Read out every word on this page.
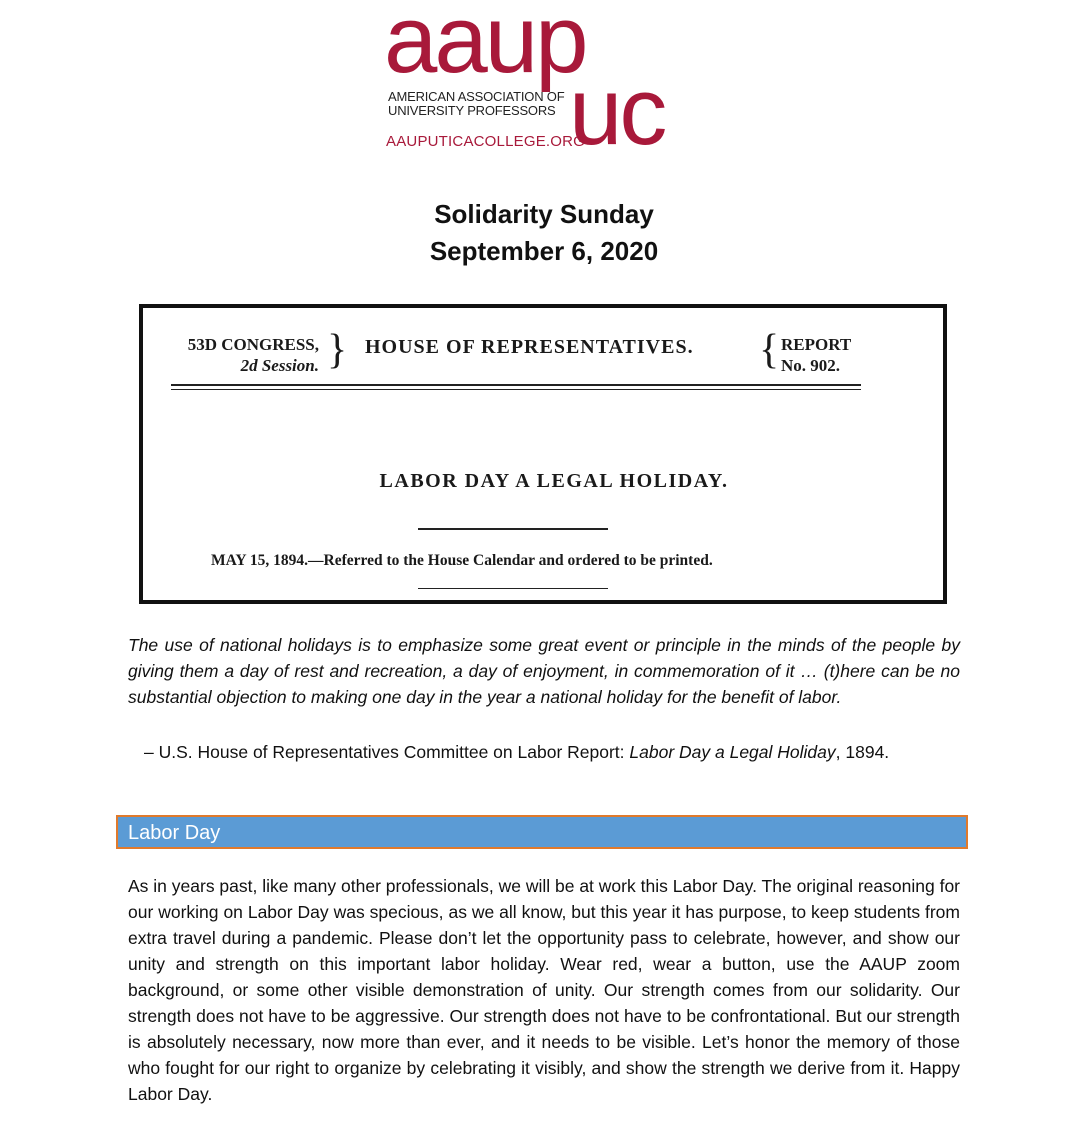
aaup
AMERICAN ASSOCIATION OF
UNIVERSITY PROFESSORS uc
AAUPUTICACOLLEGE.ORG
Solidarity Sunday
September 6, 2020
53D CONGRESS,
2d Session. } HOUSE OF REPRESENTATIVES. { REPORT
No. 902.
LABOR DAY A LEGAL HOLIDAY.
MAY 15, 1894.—Referred to the House Calendar and ordered to be printed.
The use of national holidays is to emphasize some great event or principle in the minds of the people by giving them a day of rest and recreation, a day of enjoyment, in commemoration of it … (t)here can be no substantial objection to making one day in the year a national holiday for the benefit of labor.
– U.S. House of Representatives Committee on Labor Report: Labor Day a Legal Holiday, 1894.
Labor Day
As in years past, like many other professionals, we will be at work this Labor Day. The original reasoning for our working on Labor Day was specious, as we all know, but this year it has purpose, to keep students from extra travel during a pandemic. Please don’t let the opportunity pass to celebrate, however, and show our unity and strength on this important labor holiday. Wear red, wear a button, use the AAUP zoom background, or some other visible demonstration of unity. Our strength comes from our solidarity. Our strength does not have to be aggressive. Our strength does not have to be confrontational. But our strength is absolutely necessary, now more than ever, and it needs to be visible. Let’s honor the memory of those who fought for our right to organize by celebrating it visibly, and show the strength we derive from it. Happy Labor Day.
